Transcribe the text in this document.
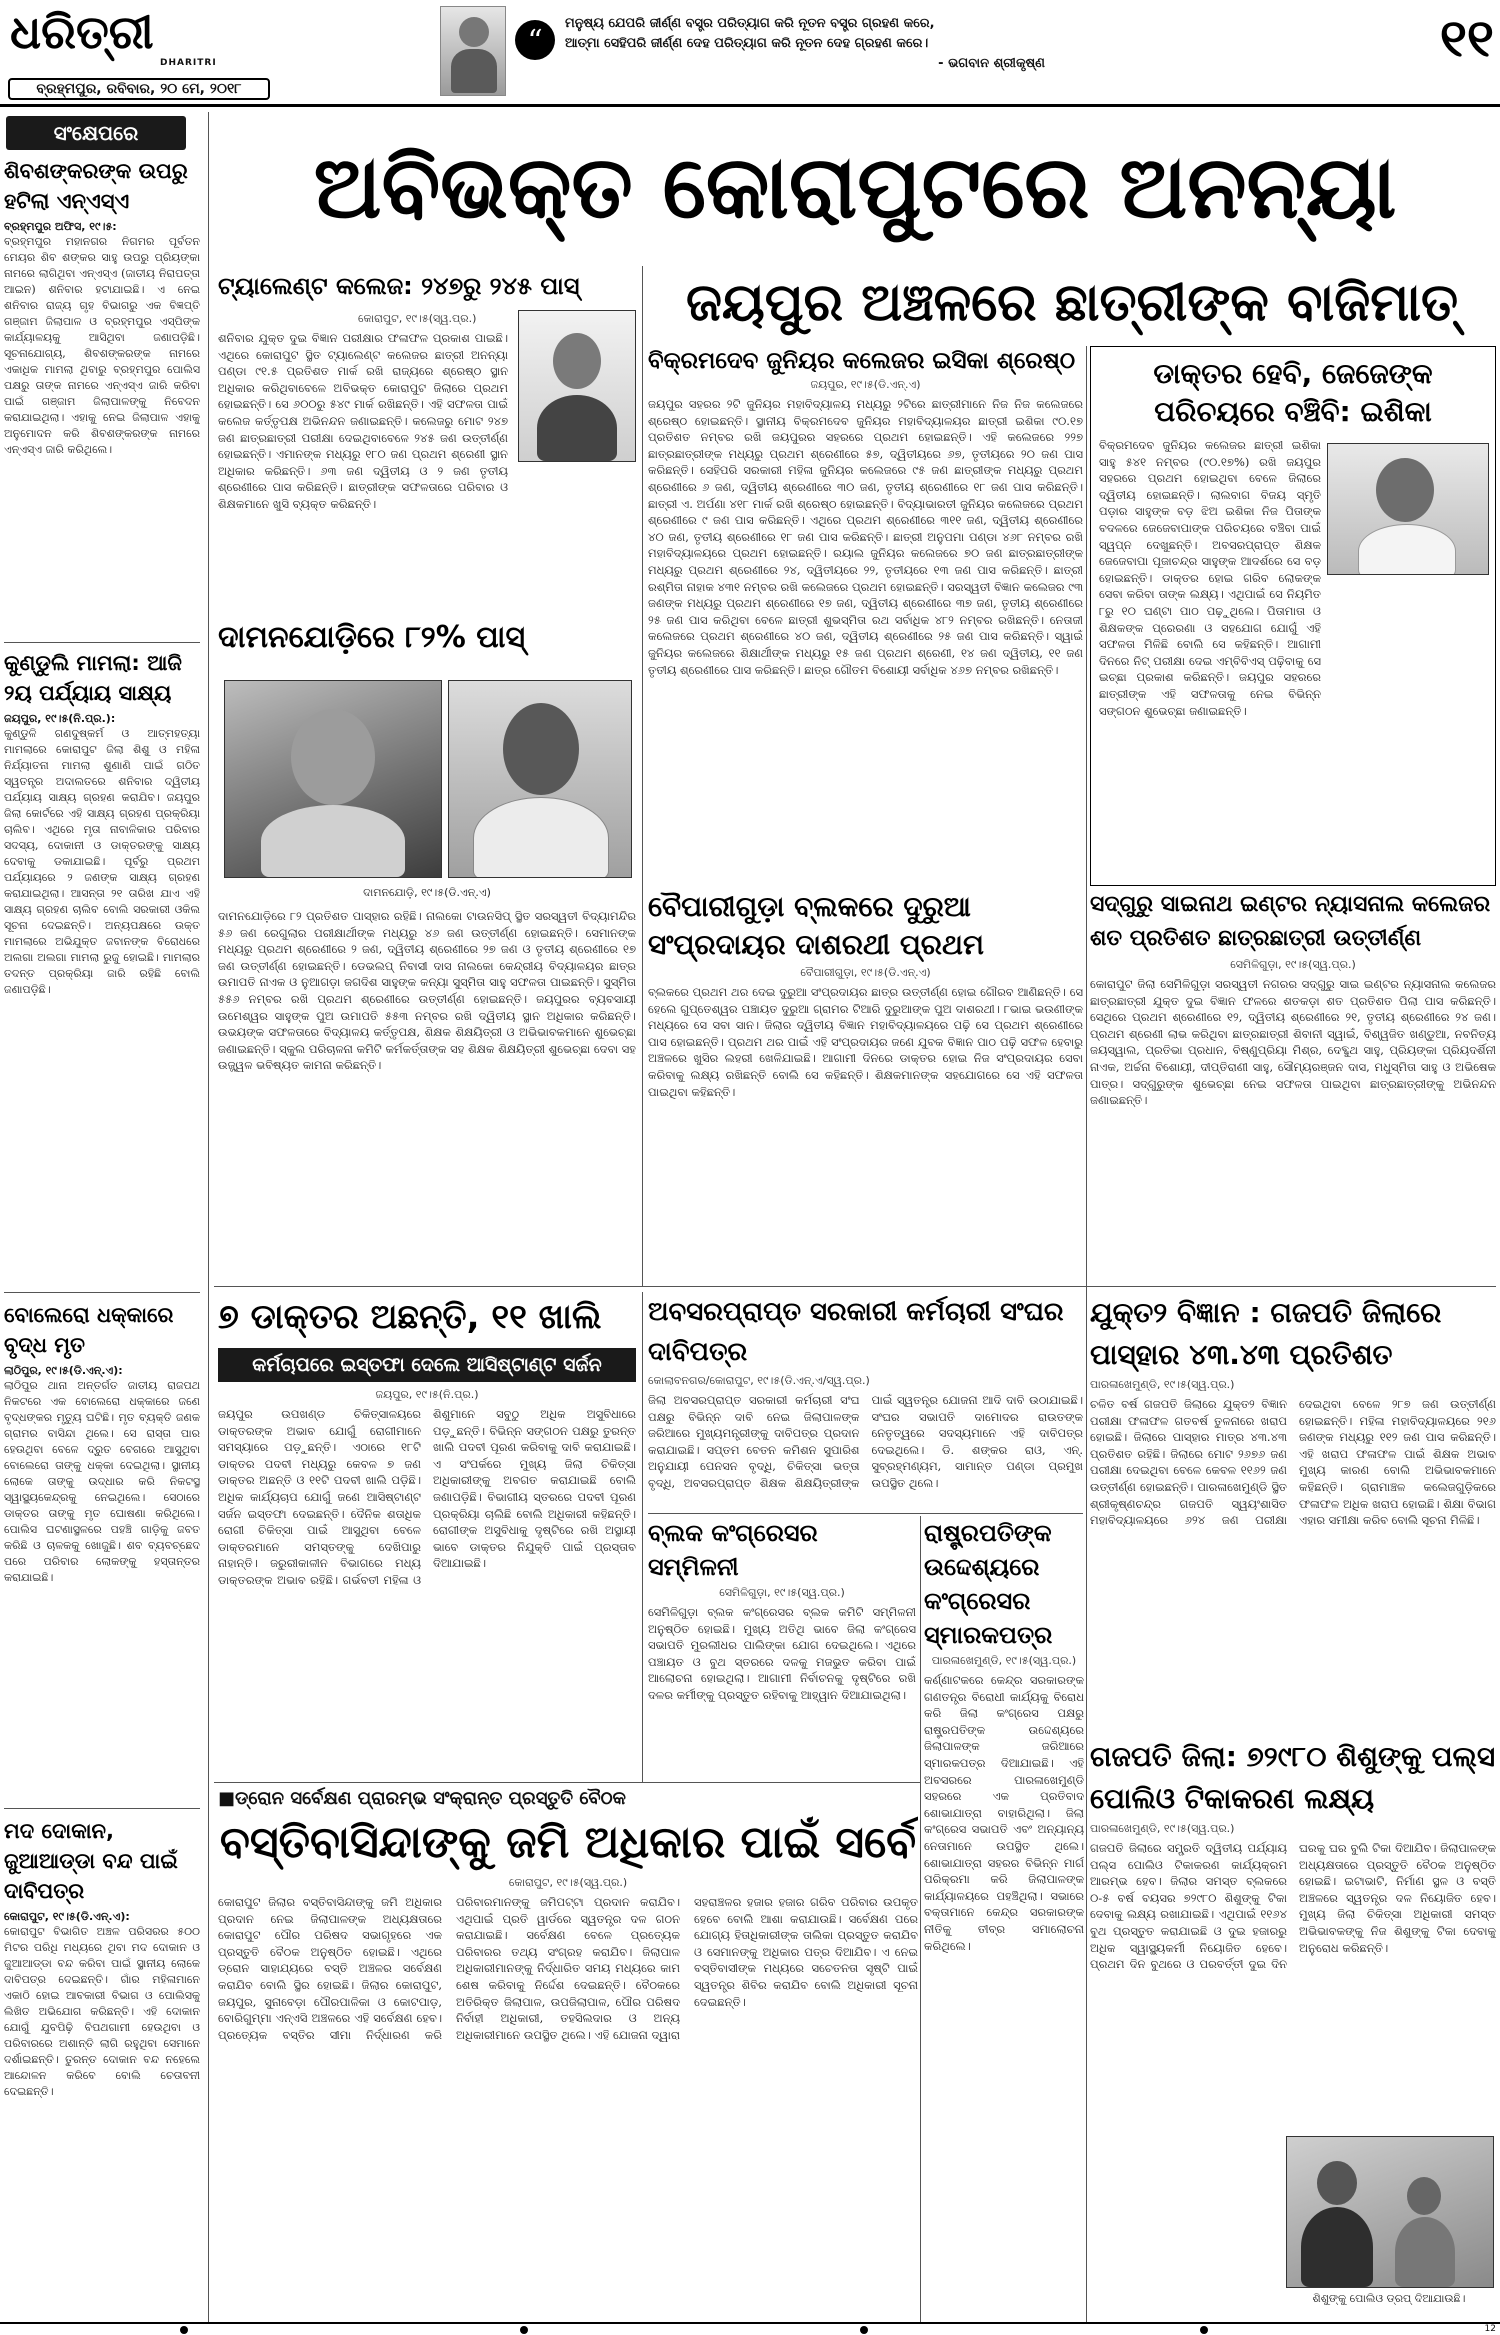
ଧରିତ୍ରୀ
DHARITRI
ବ୍ରହ୍ମପୁର, ରବିବାର, ୨୦ ମେ, ୨୦୧୮
“
ମନୁଷ୍ୟ ଯେପରି ଜୀର୍ଣ୍ଣ ବସ୍ତ୍ର ପରିତ୍ୟାଗ କରି ନୂତନ ବସ୍ତ୍ର ଗ୍ରହଣ କରେ,
ଆତ୍ମା ସେହିପରି ଜୀର୍ଣ୍ଣ ଦେହ ପରିତ୍ୟାଗ କରି ନୂତନ ଦେହ ଗ୍ରହଣ କରେ।
- ଭଗବାନ ଶ୍ରୀକୃଷ୍ଣ	୧୧
ଅବିଭକ୍ତ କୋରାପୁଟରେ ଅନନ୍ୟା
ସଂକ୍ଷେପରେ
ଶିବଶଙ୍କରଙ୍କ ଉପରୁ ହଟିଲା ଏନ୍‌ଏସ୍‌ଏ
ବ୍ରହ୍ମପୁର ଅଫିସ, ୧୯।୫:
ବ୍ରହ୍ମପୁର ମହାନଗର ନିଗମର ପୂର୍ବତନ ମେୟର ଶିବ ଶଙ୍କର ସାହୁ ଉପରୁ ପ୍ରିୟଙ୍କା ନାମରେ ଲାଗିଥିବା ଏନ୍‌ଏସ୍‌ଏ (ଜାତୀୟ ନିରାପତ୍ତା ଆଇନ) ଶନିବାର ହଟାଯାଇଛି। ଏ ନେଇ ଶନିବାର ରାଜ୍ୟ ଗୃହ ବିଭାଗରୁ ଏକ ବିଜ୍ଞପ୍ତି ଗଞ୍ଜାମ ଜିଲାପାଳ ଓ ବ୍ରହ୍ମପୁର ଏସ୍‌ପିଙ୍କ କାର୍ଯ୍ୟାଳୟକୁ ଆସିଥିବା ଜଣାପଡ଼ିଛି। ସୂଚନାଯୋଗ୍ୟ, ଶିବଶଙ୍କରଙ୍କ ନାମରେ ଏକାଧିକ ମାମଲା ଥିବାରୁ ବ୍ରହ୍ମପୁର ପୋଲିସ ପକ୍ଷରୁ ତାଙ୍କ ନାମରେ ଏନ୍‌ଏସ୍‌ଏ ଜାରି କରିବା ପାଇଁ ଗଞ୍ଜାମ ଜିଲାପାଳଙ୍କୁ ନିବେଦନ କରାଯାଇଥିଲା। ଏହାକୁ ନେଇ ଜିଲାପାଳ ଏହାକୁ ଅନୁମୋଦନ କରି ଶିବଶଙ୍କରଙ୍କ ନାମରେ ଏନ୍‌ଏସ୍‌ଏ ଜାରି କରିଥିଲେ।
କୁଣ୍ଡୁଲି ମାମଲା: ଆଜି ୨ୟ ପର୍ଯ୍ୟାୟ ସାକ୍ଷ୍ୟ
ଜୟପୁର, ୧୯।୫(ନି.ପ୍ର.):
କୁଣ୍ଡୁଳି ଗଣଦୁଷ୍କର୍ମ ଓ ଆତ୍ମହତ୍ୟା ମାମଲାରେ କୋରାପୁଟ ଜିଲା ଶିଶୁ ଓ ମହିଳା ନିର୍ଯ୍ୟାତନା ମାମଲା ଶୁଣାଣି ପାଇଁ ଗଠିତ ସ୍ୱତନ୍ତ୍ର ଅଦାଲତରେ ଶନିବାର ଦ୍ୱିତୀୟ ପର୍ଯ୍ୟାୟ ସାକ୍ଷ୍ୟ ଗ୍ରହଣ କରାଯିବ। ଜୟପୁର ଜିଲା କୋର୍ଟରେ ଏହି ସାକ୍ଷ୍ୟ ଗ୍ରହଣ ପ୍ରକ୍ରିୟା ଚାଲିବ। ଏଥିରେ ମୃତା ନାବାଳିକାର ପରିବାର ସଦସ୍ୟ, ଦୋକାନୀ ଓ ଡାକ୍ତରଙ୍କୁ ସାକ୍ଷ୍ୟ ଦେବାକୁ ଡକାଯାଇଛି। ପୂର୍ବରୁ ପ୍ରଥମ ପର୍ଯ୍ୟାୟରେ ୨ ଜଣଙ୍କ ସାକ୍ଷ୍ୟ ଗ୍ରହଣ କରାଯାଇଥିଲା। ଆସନ୍ତା ୨୧ ତାରିଖ ଯାଏ ଏହି ସାକ୍ଷ୍ୟ ଗ୍ରହଣ ଚାଲିବ ବୋଲି ସରକାରୀ ଓକିଲ ସୂଚନା ଦେଇଛନ୍ତି। ଅନ୍ୟପକ୍ଷରେ ଉକ୍ତ ମାମଲାରେ ଅଭିଯୁକ୍ତ ଜବାନଙ୍କ ବିରୋଧରେ ଅଲଗା ଅଲଗା ମାମଲା ରୁଜୁ ହୋଇଛି। ମାମଲାର ତଦନ୍ତ ପ୍ରକ୍ରିୟା ଜାରି ରହିଛି ବୋଲି ଜଣାପଡ଼ିଛି।
ବୋଲେରୋ ଧକ୍କାରେ ବୃଦ୍ଧ ମୃତ
ଲାଠିପୁର, ୧୯।୫(ଡି.ଏନ୍‌.ଏ):
ଲାଠିପୁର ଥାନା ଅନ୍ତର୍ଗତ ଜାତୀୟ ରାଜପଥ ନିକଟରେ ଏକ ବୋଲେରୋ ଧକ୍କାରେ ଜଣେ ବୃଦ୍ଧଙ୍କର ମୃତ୍ୟୁ ଘଟିଛି। ମୃତ ବ୍ୟକ୍ତି ଜଣକ ଗ୍ରାମର ବାସିନ୍ଦା ଥିଲେ। ସେ ରାସ୍ତା ପାର ହେଉଥିବା ବେଳେ ଦ୍ରୁତ ବେଗରେ ଆସୁଥିବା ବୋଲେରୋ ତାଙ୍କୁ ଧକ୍କା ଦେଇଥିଲା। ସ୍ଥାନୀୟ ଲୋକେ ତାଙ୍କୁ ଉଦ୍ଧାର କରି ନିକଟସ୍ଥ ସ୍ୱାସ୍ଥ୍ୟକେନ୍ଦ୍ରକୁ ନେଇଥିଲେ। ସେଠାରେ ଡାକ୍ତର ତାଙ୍କୁ ମୃତ ଘୋଷଣା କରିଥିଲେ। ପୋଲିସ ଘଟଣାସ୍ଥଳରେ ପହଞ୍ଚି ଗାଡ଼ିକୁ ଜବତ କରିଛି ଓ ଚାଳକକୁ ଖୋଜୁଛି। ଶବ ବ୍ୟବଚ୍ଛେଦ ପରେ ପରିବାର ଲୋକଙ୍କୁ ହସ୍ତାନ୍ତର କରାଯାଇଛି।
ମଦ ଦୋକାନ, ଜୁଆଆଡ୍ଡା ବନ୍ଦ ପାଇଁ ଦାବିପତ୍ର
କୋରାପୁଟ, ୧୯।୫(ଡି.ଏନ୍‌.ଏ):
କୋରାପୁଟ ବିଭାଗିତ ଅଞ୍ଚଳ ପରିସରର ୫୦୦ ମିଟର ପରିଧି ମଧ୍ୟରେ ଥିବା ମଦ ଦୋକାନ ଓ ଜୁଆଆଡ୍ଡା ବନ୍ଦ କରିବା ପାଇଁ ସ୍ଥାନୀୟ ଲୋକେ ଦାବିପତ୍ର ଦେଇଛନ୍ତି। ଗାଁର ମହିଳାମାନେ ଏକାଠି ହୋଇ ଆବକାରୀ ବିଭାଗ ଓ ପୋଲିସକୁ ଲିଖିତ ଅଭିଯୋଗ କରିଛନ୍ତି। ଏହି ଦୋକାନ ଯୋଗୁଁ ଯୁବପିଢ଼ି ବିପଥଗାମୀ ହେଉଥିବା ଓ ପରିବାରରେ ଅଶାନ୍ତି ଲାଗି ରହୁଥିବା ସେମାନେ ଦର୍ଶାଇଛନ୍ତି। ତୁରନ୍ତ ଦୋକାନ ବନ୍ଦ ନହେଲେ ଆନ୍ଦୋଳନ କରିବେ ବୋଲି ଚେତାବନୀ ଦେଇଛନ୍ତି।
ଟ୍ୟାଲେଣ୍ଟ କଲେଜ: ୨୪୭ରୁ ୨୪୫ ପାସ୍
କୋରାପୁଟ, ୧୯।୫(ସ୍ୱ.ପ୍ର.)
ଶନିବାର ଯୁକ୍ତ ଦୁଇ ବିଜ୍ଞାନ ପରୀକ୍ଷାର ଫଳାଫଳ ପ୍ରକାଶ ପାଇଛି। ଏଥିରେ କୋରାପୁଟ ସ୍ଥିତ ଟ୍ୟାଲେଣ୍ଟ କଲେଜର ଛାତ୍ରୀ ଅନନ୍ୟା ପଣ୍ଡା ୯୧.୫ ପ୍ରତିଶତ ମାର୍କ ରଖି ରାଜ୍ୟରେ ଶ୍ରେଷ୍ଠ ସ୍ଥାନ ଅଧିକାର କରିଥିବାବେଳେ ଅବିଭକ୍ତ କୋରାପୁଟ ଜିଲାରେ ପ୍ରଥମ ହୋଇଛନ୍ତି। ସେ ୬୦୦ରୁ ୫୪୯ ମାର୍କ ରଖିଛନ୍ତି। ଏହି ସଫଳତା ପାଇଁ କଲେଜ କର୍ତ୍ତୃପକ୍ଷ ଅଭିନନ୍ଦନ ଜଣାଇଛନ୍ତି। କଲେଜରୁ ମୋଟ ୨୪୭ ଜଣ ଛାତ୍ରଛାତ୍ରୀ ପରୀକ୍ଷା ଦେଇଥିବାବେଳେ ୨୪୫ ଜଣ ଉତ୍ତୀର୍ଣ୍ଣ ହୋଇଛନ୍ତି। ଏମାନଙ୍କ ମଧ୍ୟରୁ ୧୮୦ ଜଣ ପ୍ରଥମ ଶ୍ରେଣୀ ସ୍ଥାନ ଅଧିକାର କରିଛନ୍ତି। ୬୩ ଜଣ ଦ୍ୱିତୀୟ ଓ ୨ ଜଣ ତୃତୀୟ ଶ୍ରେଣୀରେ ପାସ କରିଛନ୍ତି। ଛାତ୍ରୀଙ୍କ ସଫଳତାରେ ପରିବାର ଓ ଶିକ୍ଷକମାନେ ଖୁସି ବ୍ୟକ୍ତ କରିଛନ୍ତି।
ଜୟପୁର ଅଞ୍ଚଳରେ ଛାତ୍ରୀଙ୍କ ବାଜିମାତ୍
ବିକ୍ରମଦେବ ଜୁନିୟର କଲେଜର ଇସିକା ଶ୍ରେଷ୍ଠ
ଜୟପୁର, ୧୯।୫(ଡି.ଏନ୍‌.ଏ)
ଜୟପୁର ସହରର ୨ଟି ଜୁନିୟର ମହାବିଦ୍ୟାଳୟ ମଧ୍ୟରୁ ୨ଟିରେ ଛାତ୍ରୀମାନେ ନିଜ ନିଜ କଲେଜରେ ଶ୍ରେଷ୍ଠ ହୋଇଛନ୍ତି। ସ୍ଥାନୀୟ ବିକ୍ରମଦେବ ଜୁନିୟର ମହାବିଦ୍ୟାଳୟର ଛାତ୍ରୀ ଇଶିକା ୯୦.୧୭ ପ୍ରତିଶତ ନମ୍ବର ରଖି ଜୟପୁରର ସହରରେ ପ୍ରଥମ ହୋଇଛନ୍ତି। ଏହି କଲେଜରେ ୨୨୭ ଛାତ୍ରଛାତ୍ରୀଙ୍କ ମଧ୍ୟରୁ ପ୍ରଥମ ଶ୍ରେଣୀରେ ୫୭, ଦ୍ୱିତୀୟରେ ୬୭, ତୃତୀୟରେ ୨୦ ଜଣ ପାସ କରିଛନ୍ତି। ସେହିପରି ସରକାରୀ ମହିଳା ଜୁନିୟର କଲେଜରେ ୯୫ ଜଣ ଛାତ୍ରୀଙ୍କ ମଧ୍ୟରୁ ପ୍ରଥମ ଶ୍ରେଣୀରେ ୬ ଜଣ, ଦ୍ୱିତୀୟ ଶ୍ରେଣୀରେ ୩୦ ଜଣ, ତୃତୀୟ ଶ୍ରେଣୀରେ ୧୮ ଜଣ ପାସ କରିଛନ୍ତି। ଛାତ୍ରୀ ଏ. ଅର୍ପଣା ୪୧୮ ମାର୍କ ରଖି ଶ୍ରେଷ୍ଠ ହୋଇଛନ୍ତି। ବିଦ୍ୟାଭାରତୀ ଜୁନିୟର କଲେଜରେ ପ୍ରଥମ ଶ୍ରେଣୀରେ ୯ ଜଣ ପାସ କରିଛନ୍ତି। ଏଥିରେ ପ୍ରଥମ ଶ୍ରେଣୀରେ ୩୧୧ ଜଣ, ଦ୍ୱିତୀୟ ଶ୍ରେଣୀରେ ୪୦ ଜଣ, ତୃତୀୟ ଶ୍ରେଣୀରେ ୧୮ ଜଣ ପାସ କରିଛନ୍ତି। ଛାତ୍ରୀ ଅନୁପମା ପଣ୍ଡା ୪୬୮ ନମ୍ବର ରଖି ମହାବିଦ୍ୟାଳୟରେ ପ୍ରଥମ ହୋଇଛନ୍ତି। ରୟାଲ ଜୁନିୟର କଲେଜରେ ୭୦ ଜଣ ଛାତ୍ରଛାତ୍ରୀଙ୍କ ମଧ୍ୟରୁ ପ୍ରଥମ ଶ୍ରେଣୀରେ ୨୪, ଦ୍ୱିତୀୟରେ ୨୨, ତୃତୀୟରେ ୧୩ ଜଣ ପାସ କରିଛନ୍ତି। ଛାତ୍ରୀ ରଶ୍ମିତା ନାହାକ ୪୩୧ ନମ୍ବର ରଖି କଲେଜରେ ପ୍ରଥମ ହୋଇଛନ୍ତି। ସରସ୍ୱତୀ ବିଜ୍ଞାନ କଲେଜର ୯୩ ଜଣଙ୍କ ମଧ୍ୟରୁ ପ୍ରଥମ ଶ୍ରେଣୀରେ ୧୭ ଜଣ, ଦ୍ୱିତୀୟ ଶ୍ରେଣୀରେ ୩୭ ଜଣ, ତୃତୀୟ ଶ୍ରେଣୀରେ ୨୫ ଜଣ ପାସ କରିଥିବା ବେଳେ ଛାତ୍ରୀ ଶୁଭସ୍ମିତା ରଥ ସର୍ବାଧିକ ୪୮୨ ନମ୍ବର ରଖିଛନ୍ତି। ନେତାଜୀ କଲେଜରେ ପ୍ରଥମ ଶ୍ରେଣୀରେ ୪୦ ଜଣ, ଦ୍ୱିତୀୟ ଶ୍ରେଣୀରେ ୨୫ ଜଣ ପାସ କରିଛନ୍ତି। ସ୍ୱାଇଁ ଜୁନିୟର କଲେଜରେ ଶିକ୍ଷାର୍ଥୀଙ୍କ ମଧ୍ୟରୁ ୧୫ ଜଣ ପ୍ରଥମ ଶ୍ରେଣୀ, ୧୪ ଜଣ ଦ୍ୱିତୀୟ, ୧୧ ଜଣ ତୃତୀୟ ଶ୍ରେଣୀରେ ପାସ କରିଛନ୍ତି। ଛାତ୍ର ଗୌତମ ବିଶୋୟୀ ସର୍ବାଧିକ ୪୬୭ ନମ୍ବର ରଖିଛନ୍ତି।
ଡାକ୍ତର ହେବି, ଜେଜେଙ୍କ ପରିଚୟରେ ବଞ୍ଚିବି: ଇଶିକା
ବିକ୍ରମଦେବ ଜୁନିୟର କଲେଜର ଛାତ୍ରୀ ଇଶିକା ସାହୁ ୫୪୧ ନମ୍ବର (୯୦.୧୭%) ରଖି ଜୟପୁର ସହରରେ ପ୍ରଥମ ହୋଇଥିବା ବେଳେ ଜିଲାରେ ଦ୍ୱିତୀୟ ହୋଇଛନ୍ତି। ଲାଲବାଗ ବିଜୟ ସ୍ମୃତି ପଡ଼ାର ସାହୁଙ୍କ ବଡ଼ ଝିଅ ଇଶିକା ନିଜ ପିତାଙ୍କ ବଦଳରେ ଜେଜେବାପାଙ୍କ ପରିଚୟରେ ବଞ୍ଚିବା ପାଇଁ ସ୍ୱପ୍ନ ଦେଖୁଛନ୍ତି। ଅବସରପ୍ରାପ୍ତ ଶିକ୍ଷକ ଜେଜେବାପା ପୂଜାଚନ୍ଦ୍ର ସାହୁଙ୍କ ଆଦର୍ଶରେ ସେ ବଡ଼ ହୋଇଛନ୍ତି। ଡାକ୍ତର ହୋଇ ଗରିବ ଲୋକଙ୍କ ସେବା କରିବା ତାଙ୍କ ଲକ୍ଷ୍ୟ। ଏଥିପାଇଁ ସେ ନିୟମିତ ୮ରୁ ୧୦ ଘଣ୍ଟା ପାଠ ପଢ଼ୁଥିଲେ। ପିତାମାତା ଓ ଶିକ୍ଷକଙ୍କ ପ୍ରେରଣା ଓ ସହଯୋଗ ଯୋଗୁଁ ଏହି ସଫଳତା ମିଳିଛି ବୋଲି ସେ କହିଛନ୍ତି। ଆଗାମୀ ଦିନରେ ନିଟ୍ ପରୀକ୍ଷା ଦେଇ ଏମ୍‌ବିବିଏସ୍ ପଢ଼ିବାକୁ ସେ ଇଚ୍ଛା ପ୍ରକାଶ କରିଛନ୍ତି। ଜୟପୁର ସହରରେ ଛାତ୍ରୀଙ୍କ ଏହି ସଫଳତାକୁ ନେଇ ବିଭିନ୍ନ ସଙ୍ଗଠନ ଶୁଭେଚ୍ଛା ଜଣାଇଛନ୍ତି।
ଦାମନଯୋଡ଼ିରେ ୮୨% ପାସ୍
ଦାମନଯୋଡ଼ି, ୧୯।୫(ଡି.ଏନ୍‌.ଏ)
ଦାମନଯୋଡ଼ିରେ ୮୨ ପ୍ରତିଶତ ପାସ୍ହାର ରହିଛି। ନାଲକୋ ଟାଉନସିପ୍ ସ୍ଥିତ ସରସ୍ୱତୀ ବିଦ୍ୟାମନ୍ଦିର ୫୬ ଜଣ ରେଗୁଲାର ପରୀକ୍ଷାର୍ଥୀଙ୍କ ମଧ୍ୟରୁ ୪୬ ଜଣ ଉତ୍ତୀର୍ଣ୍ଣ ହୋଇଛନ୍ତି। ସେମାନଙ୍କ ମଧ୍ୟରୁ ପ୍ରଥମ ଶ୍ରେଣୀରେ ୨ ଜଣ, ଦ୍ୱିତୀୟ ଶ୍ରେଣୀରେ ୨୭ ଜଣ ଓ ତୃତୀୟ ଶ୍ରେଣୀରେ ୧୭ ଜଣ ଉତ୍ତୀର୍ଣ୍ଣ ହୋଇଛନ୍ତି। ଡେଭଲପ୍ ନିବାସୀ ଦାସ ନାଲକୋ କେନ୍ଦ୍ରୀୟ ବିଦ୍ୟାଳୟର ଛାତ୍ର ଉମାପତି ନାଏକ ଓ ନୁଆଗଡ଼ା ଜଗଦିଶ ସାହୁଙ୍କ କନ୍ୟା ସୁସ୍ମିତା ସାହୁ ସଫଳତା ପାଇଛନ୍ତି। ସୁସ୍ମିତା ୫୫୬ ନମ୍ବର ରଖି ପ୍ରଥମ ଶ୍ରେଣୀରେ ଉତ୍ତୀର୍ଣ୍ଣ ହୋଇଛନ୍ତି। ଜୟପୁରର ବ୍ୟବସାୟୀ ଉମେଶ୍ୱର ସାହୁଙ୍କ ପୁଅ ଉମାପତି ୫୫୩ ନମ୍ବର ରଖି ଦ୍ୱିତୀୟ ସ୍ଥାନ ଅଧିକାର କରିଛନ୍ତି। ଉଭୟଙ୍କ ସଫଳତାରେ ବିଦ୍ୟାଳୟ କର୍ତ୍ତୃପକ୍ଷ, ଶିକ୍ଷକ ଶିକ୍ଷୟିତ୍ରୀ ଓ ଅଭିଭାବକମାନେ ଶୁଭେଚ୍ଛା ଜଣାଇଛନ୍ତି। ସ୍କୁଲ ପରିଚାଳନା କମିଟି କର୍ମକର୍ତ୍ତାଙ୍କ ସହ ଶିକ୍ଷକ ଶିକ୍ଷୟିତ୍ରୀ ଶୁଭେଚ୍ଛା ଦେବା ସହ ଉଜ୍ଜ୍ୱଳ ଭବିଷ୍ୟତ କାମନା କରିଛନ୍ତି।
ବୈପାରୀଗୁଡ଼ା ବ୍ଲକରେ ଦୁରୁଆ ସଂପ୍ରଦାୟର ଦାଶରଥୀ ପ୍ରଥମ
ବୈପାରୀଗୁଡ଼ା, ୧୯।୫(ଡି.ଏନ୍‌.ଏ)
ବ୍ଲକରେ ପ୍ରଥମ ଥର ଦେଇ ଦୁରୁଆ ସଂପ୍ରଦାୟର ଛାତ୍ର ଉତ୍ତୀର୍ଣ୍ଣ ହୋଇ ଗୌରବ ଆଣିଛନ୍ତି। ସେ ହେଲେ ଗୁପ୍ତେଶ୍ୱର ପଞ୍ଚାୟତ ଦୁରୁଆ ଗ୍ରାମର ଟିଆରି ଦୁରୁଆଙ୍କ ପୁଅ ଦାଶରଥୀ। ୮ଭାଇ ଭଉଣୀଙ୍କ ମଧ୍ୟରେ ସେ ସବା ସାନ। ଜିଲାର ଦ୍ୱିତୀୟ ବିଜ୍ଞାନ ମହାବିଦ୍ୟାଳୟରେ ପଢ଼ି ସେ ପ୍ରଥମ ଶ୍ରେଣୀରେ ପାସ ହୋଇଛନ୍ତି। ପ୍ରଥମ ଥର ପାଇଁ ଏହି ସଂପ୍ରଦାୟର ଜଣେ ଯୁବକ ବିଜ୍ଞାନ ପାଠ ପଢ଼ି ସଫଳ ହେବାରୁ ଅଞ୍ଚଳରେ ଖୁସିର ଲହରୀ ଖେଳିଯାଇଛି। ଆଗାମୀ ଦିନରେ ଡାକ୍ତର ହୋଇ ନିଜ ସଂପ୍ରଦାୟର ସେବା କରିବାକୁ ଲକ୍ଷ୍ୟ ରଖିଛନ୍ତି ବୋଲି ସେ କହିଛନ୍ତି। ଶିକ୍ଷକମାନଙ୍କ ସହଯୋଗରେ ସେ ଏହି ସଫଳତା ପାଇଥିବା କହିଛନ୍ତି।
ସଦ୍‌ଗୁରୁ ସାଇନାଥ ଇଣ୍ଟର ନ୍ୟାସନାଲ କଲେଜର ଶତ ପ୍ରତିଶତ ଛାତ୍ରଛାତ୍ରୀ ଉତ୍ତୀର୍ଣ୍ଣ
ସେମିଳିଗୁଡ଼ା, ୧୯।୫(ସ୍ୱ.ପ୍ର.)
କୋରାପୁଟ ଜିଲା ସେମିଳିଗୁଡ଼ା ସରସ୍ୱତୀ ନଗରର ସଦ୍‌ଗୁରୁ ସାଇ ଇଣ୍ଟର ନ୍ୟାସନାଲ କଲେଜର ଛାତ୍ରଛାତ୍ରୀ ଯୁକ୍ତ ଦୁଇ ବିଜ୍ଞାନ ଫଳରେ ଶତକଡ଼ା ଶତ ପ୍ରତିଶତ ପିଲା ପାସ କରିଛନ୍ତି। ସେଥିରେ ପ୍ରଥମ ଶ୍ରେଣୀରେ ୧୨, ଦ୍ୱିତୀୟ ଶ୍ରେଣୀରେ ୨୧, ତୃତୀୟ ଶ୍ରେଣୀରେ ୨୪ ଜଣ। ପ୍ରଥମ ଶ୍ରେଣୀ ଲାଭ କରିଥିବା ଛାତ୍ରଛାତ୍ରୀ ଶିବାନୀ ସ୍ୱାଇଁ, ବିଶ୍ୱଜିତ ଖଣ୍ଡୁଆ, ନବନିତ୍ୟ ଜୟସ୍ୱାଲ, ପ୍ରତିଭା ପ୍ରଧାନ, ବିଷ୍ଣୁପ୍ରିୟା ମିଶ୍ର, ଦେବ୍ଦୁଥ ସାହୁ, ପ୍ରିୟଙ୍କା ପ୍ରିୟଦର୍ଶିନୀ ନାଏକ, ଅର୍ଚ୍ଚନା ବିଶୋୟୀ, ଦୀପ୍ତିରାଣୀ ସାହୁ, ସୌମ୍ୟରଞ୍ଜନ ଦାସ, ମଧୁସ୍ମିତା ସାହୁ ଓ ଅଭିଷେକ ପାତ୍ର। ସଦ୍‌ଗୁରୁଙ୍କ ଶୁଭେଚ୍ଛା ନେଇ ସଫଳତା ପାଇଥିବା ଛାତ୍ରଛାତ୍ରୀଙ୍କୁ ଅଭିନନ୍ଦନ ଜଣାଇଛନ୍ତି।
୭ ଡାକ୍ତର ଅଛନ୍ତି, ୧୧ ଖାଲି
କର୍ମଚାପରେ ଇସ୍ତଫା ଦେଲେ ଆସିଷ୍ଟାଣ୍ଟ ସର୍ଜନ
ଜୟପୁର, ୧୯।୫(ନି.ପ୍ର.)
ଜୟପୁର ଉପଖଣ୍ଡ ଚିକିତ୍ସାଳୟରେ ଡାକ୍ତରଙ୍କ ଅଭାବ ଯୋଗୁଁ ରୋଗୀମାନେ ସମସ୍ୟାରେ ପଡ଼ୁଛନ୍ତି। ଏଠାରେ ୧୮ଟି ଡାକ୍ତର ପଦବୀ ମଧ୍ୟରୁ କେବଳ ୭ ଜଣ ଡାକ୍ତର ଅଛନ୍ତି ଓ ୧୧ଟି ପଦବୀ ଖାଲି ପଡ଼ିଛି। ଅଧିକ କାର୍ଯ୍ୟଚାପ ଯୋଗୁଁ ଜଣେ ଆସିଷ୍ଟାଣ୍ଟ ସର୍ଜନ ଇସ୍ତଫା ଦେଇଛନ୍ତି। ଦୈନିକ ଶତାଧିକ ରୋଗୀ ଚିକିତ୍ସା ପାଇଁ ଆସୁଥିବା ବେଳେ ଡାକ୍ତରମାନେ ସମସ୍ତଙ୍କୁ ଦେଖିପାରୁ ନାହାନ୍ତି। ଜରୁରୀକାଳୀନ ବିଭାଗରେ ମଧ୍ୟ ଡାକ୍ତରଙ୍କ ଅଭାବ ରହିଛି। ଗର୍ଭବତୀ ମହିଳା ଓ ଶିଶୁମାନେ ସବୁଠୁ ଅଧିକ ଅସୁବିଧାରେ ପଡ଼ୁଛନ୍ତି। ବିଭିନ୍ନ ସଙ୍ଗଠନ ପକ୍ଷରୁ ତୁରନ୍ତ ଖାଲି ପଦବୀ ପୂରଣ କରିବାକୁ ଦାବି କରାଯାଇଛି। ଏ ସଂପର୍କରେ ମୁଖ୍ୟ ଜିଲା ଚିକିତ୍ସା ଅଧିକାରୀଙ୍କୁ ଅବଗତ କରାଯାଇଛି ବୋଲି ଜଣାପଡ଼ିଛି। ବିଭାଗୀୟ ସ୍ତରରେ ପଦବୀ ପୂରଣ ପ୍ରକ୍ରିୟା ଚାଲିଛି ବୋଲି ଅଧିକାରୀ କହିଛନ୍ତି। ରୋଗୀଙ୍କ ଅସୁବିଧାକୁ ଦୃଷ୍ଟିରେ ରଖି ଅସ୍ଥାୟୀ ଭାବେ ଡାକ୍ତର ନିଯୁକ୍ତି ପାଇଁ ପ୍ରସ୍ତାବ ଦିଆଯାଇଛି।
ଅବସରପ୍ରାପ୍ତ ସରକାରୀ କର୍ମଚାରୀ ସଂଘର ଦାବିପତ୍ର
କୋଲାବନଗର/କୋରାପୁଟ, ୧୯।୫(ଡି.ଏନ୍‌.ଏ/ସ୍ୱ.ପ୍ର.)
ଜିଲା ଅବସରପ୍ରାପ୍ତ ସରକାରୀ କର୍ମଚାରୀ ସଂଘ ପକ୍ଷରୁ ବିଭିନ୍ନ ଦାବି ନେଇ ଜିଲାପାଳଙ୍କ ଜରିଆରେ ମୁଖ୍ୟମନ୍ତ୍ରୀଙ୍କୁ ଦାବିପତ୍ର ପ୍ରଦାନ କରାଯାଇଛି। ସପ୍ତମ ବେତନ କମିଶନ ସୁପାରିଶ ଅନୁଯାୟୀ ପେନସନ ବୃଦ୍ଧି, ଚିକିତ୍ସା ଭତ୍ତା ବୃଦ୍ଧି, ଅବସରପ୍ରାପ୍ତ ଶିକ୍ଷକ ଶିକ୍ଷୟିତ୍ରୀଙ୍କ ପାଇଁ ସ୍ୱତନ୍ତ୍ର ଯୋଜନା ଆଦି ଦାବି ଉଠାଯାଇଛି। ସଂଘର ସଭାପତି ଦାମୋଦର ରାଉତଙ୍କ ନେତୃତ୍ୱରେ ସଦସ୍ୟମାନେ ଏହି ଦାବିପତ୍ର ଦେଇଥିଲେ। ଡି. ଶଙ୍କର ରାଓ, ଏନ୍‌. ସୁବ୍ରହ୍ମଣ୍ୟମ, ସାମାନ୍ତ ପଣ୍ଡା ପ୍ରମୁଖ ଉପସ୍ଥିତ ଥିଲେ।
ବ୍ଲକ କଂଗ୍ରେସର ସମ୍ମିଳନୀ
ସେମିଳିଗୁଡ଼ା, ୧୯।୫(ସ୍ୱ.ପ୍ର.)
ସେମିଳିଗୁଡ଼ା ବ୍ଲକ କଂଗ୍ରେସର ବ୍ଲକ କମିଟି ସମ୍ମିଳନୀ ଅନୁଷ୍ଠିତ ହୋଇଛି। ମୁଖ୍ୟ ଅତିଥି ଭାବେ ଜିଲା କଂଗ୍ରେସ ସଭାପତି ମୁରଲୀଧର ପାଲିଙ୍କା ଯୋଗ ଦେଇଥିଲେ। ଏଥିରେ ପଞ୍ଚାୟତ ଓ ବୁଥ ସ୍ତରରେ ଦଳକୁ ମଜଭୁତ କରିବା ପାଇଁ ଆଲୋଚନା ହୋଇଥିଲା। ଆଗାମୀ ନିର୍ବାଚନକୁ ଦୃଷ୍ଟିରେ ରଖି ଦଳର କର୍ମୀଙ୍କୁ ପ୍ରସ୍ତୁତ ରହିବାକୁ ଆହ୍ୱାନ ଦିଆଯାଇଥିଲା।
ରାଷ୍ଟ୍ରପତିଙ୍କ ଉଦ୍ଦେଶ୍ୟରେ କଂଗ୍ରେସର ସ୍ମାରକପତ୍ର
ପାରଳାଖେମୁଣ୍ଡି, ୧୯।୫(ସ୍ୱ.ପ୍ର.)
କର୍ଣ୍ଣାଟକରେ କେନ୍ଦ୍ର ସରକାରଙ୍କ ଗଣତନ୍ତ୍ର ବିରୋଧୀ କାର୍ଯ୍ୟକୁ ବିରୋଧ କରି ଜିଲା କଂଗ୍ରେସ ପକ୍ଷରୁ ରାଷ୍ଟ୍ରପତିଙ୍କ ଉଦ୍ଦେଶ୍ୟରେ ଜିଲାପାଳଙ୍କ ଜରିଆରେ ସ୍ମାରକପତ୍ର ଦିଆଯାଇଛି। ଏହି ଅବସରରେ ପାରଳାଖେମୁଣ୍ଡି ସହରରେ ଏକ ପ୍ରତିବାଦ ଶୋଭାଯାତ୍ରା ବାହାରିଥିଲା। ଜିଲା କଂଗ୍ରେସ ସଭାପତି ଏବଂ ଅନ୍ୟାନ୍ୟ ନେତାମାନେ ଉପସ୍ଥିତ ଥିଲେ। ଶୋଭାଯାତ୍ରା ସହରର ବିଭିନ୍ନ ମାର୍ଗ ପରିକ୍ରମା କରି ଜିଲାପାଳଙ୍କ କାର୍ଯ୍ୟାଳୟରେ ପହଞ୍ଚିଥିଲା। ସଭାରେ ବକ୍ତାମାନେ କେନ୍ଦ୍ର ସରକାରଙ୍କ ନୀତିକୁ ତୀବ୍ର ସମାଲୋଚନା କରିଥିଲେ।
ଯୁକ୍ତ୨ ବିଜ୍ଞାନ : ଗଜପତି ଜିଲାରେ ପାସ୍ହାର ୪୩.୪୩ ପ୍ରତିଶତ
ପାରଳାଖେମୁଣ୍ଡି, ୧୯।୫(ସ୍ୱ.ପ୍ର.)
ଚଳିତ ବର୍ଷ ଗଜପତି ଜିଲାରେ ଯୁକ୍ତ୨ ବିଜ୍ଞାନ ପରୀକ୍ଷା ଫଳାଫଳ ଗତବର୍ଷ ତୁଳନାରେ ଖରାପ ହୋଇଛି। ଜିଲାରେ ପାସ୍ହାର ମାତ୍ର ୪୩.୪୩ ପ୍ରତିଶତ ରହିଛି। ଜିଲାରେ ମୋଟ ୨୬୭୬ ଜଣ ପରୀକ୍ଷା ଦେଇଥିବା ବେଳେ କେବଳ ୧୧୬୨ ଜଣ ଉତ୍ତୀର୍ଣ୍ଣ ହୋଇଛନ୍ତି। ପାରଳାଖେମୁଣ୍ଡି ସ୍ଥିତ ଶ୍ରୀକୃଷ୍ଣଚନ୍ଦ୍ର ଗଜପତି ସ୍ୱୟଂଶାସିତ ମହାବିଦ୍ୟାଳୟରେ ୬୨୪ ଜଣ ପରୀକ୍ଷା ଦେଇଥିବା ବେଳେ ୨୮୭ ଜଣ ଉତ୍ତୀର୍ଣ୍ଣ ହୋଇଛନ୍ତି। ମହିଳା ମହାବିଦ୍ୟାଳୟରେ ୨୧୬ ଜଣଙ୍କ ମଧ୍ୟରୁ ୧୧୨ ଜଣ ପାସ କରିଛନ୍ତି। ଏହି ଖରାପ ଫଳାଫଳ ପାଇଁ ଶିକ୍ଷକ ଅଭାବ ମୁଖ୍ୟ କାରଣ ବୋଲି ଅଭିଭାବକମାନେ କହିଛନ୍ତି। ଗ୍ରାମାଞ୍ଚଳ କଲେଜଗୁଡ଼ିକରେ ଫଳାଫଳ ଅଧିକ ଖରାପ ହୋଇଛି। ଶିକ୍ଷା ବିଭାଗ ଏହାର ସମୀକ୍ଷା କରିବ ବୋଲି ସୂଚନା ମିଳିଛି।
ଗଜପତି ଜିଲା: ୭୨୯୮୦ ଶିଶୁଙ୍କୁ ପଲ୍ସ ପୋଲିଓ ଟିକାକରଣ ଲକ୍ଷ୍ୟ
ପାରଳାଖେମୁଣ୍ଡି, ୧୯।୫(ସ୍ୱ.ପ୍ର.)
ଗଜପତି ଜିଲାରେ ସମ୍ପ୍ରତି ଦ୍ୱିତୀୟ ପର୍ଯ୍ୟାୟ ପଲ୍ସ ପୋଲିଓ ଟିକାକରଣ କାର୍ଯ୍ୟକ୍ରମ ଆରମ୍ଭ ହେବ। ଜିଲାର ସମସ୍ତ ବ୍ଲକରେ ୦-୫ ବର୍ଷ ବୟସର ୭୨୯୮୦ ଶିଶୁଙ୍କୁ ଟିକା ଦେବାକୁ ଲକ୍ଷ୍ୟ ରଖାଯାଇଛି। ଏଥିପାଇଁ ୧୧୬୪ ବୁଥ ପ୍ରସ୍ତୁତ କରାଯାଇଛି ଓ ଦୁଇ ହଜାରରୁ ଅଧିକ ସ୍ୱାସ୍ଥ୍ୟକର୍ମୀ ନିୟୋଜିତ ହେବେ। ପ୍ରଥମ ଦିନ ବୁଥରେ ଓ ପରବର୍ତ୍ତୀ ଦୁଇ ଦିନ ଘରକୁ ଘର ବୁଲି ଟିକା ଦିଆଯିବ। ଜିଲାପାଳଙ୍କ ଅଧ୍ୟକ୍ଷତାରେ ପ୍ରସ୍ତୁତି ବୈଠକ ଅନୁଷ୍ଠିତ ହୋଇଛି। ଇଟାଭାଟି, ନିର୍ମାଣ ସ୍ଥଳ ଓ ବସ୍ତି ଅଞ୍ଚଳରେ ସ୍ୱତନ୍ତ୍ର ଦଳ ନିୟୋଜିତ ହେବ। ମୁଖ୍ୟ ଜିଲା ଚିକିତ୍ସା ଅଧିକାରୀ ସମସ୍ତ ଅଭିଭାବକଙ୍କୁ ନିଜ ଶିଶୁଙ୍କୁ ଟିକା ଦେବାକୁ ଅନୁରୋଧ କରିଛନ୍ତି।
ଶିଶୁଙ୍କୁ ପୋଲିଓ ଡ୍ରପ୍ ଦିଆଯାଉଛି।
■ଡ୍ରୋନ ସର୍ବେକ୍ଷଣ ପ୍ରାରମ୍ଭ ସଂକ୍ରାନ୍ତ ପ୍ରସ୍ତୁତି ବୈଠକ
ବସ୍ତିବାସିନ୍ଦାଙ୍କୁ ଜମି ଅଧିକାର ପାଇଁ ସର୍ବେ
କୋରାପୁଟ, ୧୯।୫(ସ୍ୱ.ପ୍ର.)
କୋରାପୁଟ ଜିଲାର ବସ୍ତିବାସିନ୍ଦାଙ୍କୁ ଜମି ଅଧିକାର ପ୍ରଦାନ ନେଇ ଜିଲାପାଳଙ୍କ ଅଧ୍ୟକ୍ଷତାରେ କୋରାପୁଟ ପୌର ପରିଷଦ ସଭାଗୃହରେ ଏକ ପ୍ରସ୍ତୁତି ବୈଠକ ଅନୁଷ୍ଠିତ ହୋଇଛି। ଏଥିରେ ଡ୍ରୋନ ସାହାଯ୍ୟରେ ବସ୍ତି ଅଞ୍ଚଳର ସର୍ବେକ୍ଷଣ କରାଯିବ ବୋଲି ସ୍ଥିର ହୋଇଛି। ଜିଲାର କୋରାପୁଟ, ଜୟପୁର, ସୁନାବେଡ଼ା ପୌରପାଳିକା ଓ କୋଟପାଡ଼, ବୋରିଗୁମ୍ମା ଏନ୍‌ଏସି ଅଞ୍ଚଳରେ ଏହି ସର୍ବେକ୍ଷଣ ହେବ। ପ୍ରତ୍ୟେକ ବସ୍ତିର ସୀମା ନିର୍ଦ୍ଧାରଣ କରି ପରିବାରମାନଙ୍କୁ ଜମିପଟ୍ଟା ପ୍ରଦାନ କରାଯିବ। ଏଥିପାଇଁ ପ୍ରତି ୱାର୍ଡରେ ସ୍ୱତନ୍ତ୍ର ଦଳ ଗଠନ କରାଯାଇଛି। ସର୍ବେକ୍ଷଣ ବେଳେ ପ୍ରତ୍ୟେକ ପରିବାରର ତଥ୍ୟ ସଂଗ୍ରହ କରାଯିବ। ଜିଲାପାଳ ଅଧିକାରୀମାନଙ୍କୁ ନିର୍ଦ୍ଧାରିତ ସମୟ ମଧ୍ୟରେ କାମ ଶେଷ କରିବାକୁ ନିର୍ଦ୍ଦେଶ ଦେଇଛନ୍ତି। ବୈଠକରେ ଅତିରିକ୍ତ ଜିଲାପାଳ, ଉପଜିଲାପାଳ, ପୌର ପରିଷଦ ନିର୍ବାହୀ ଅଧିକାରୀ, ତହସିଲଦାର ଓ ଅନ୍ୟ ଅଧିକାରୀମାନେ ଉପସ୍ଥିତ ଥିଲେ। ଏହି ଯୋଜନା ଦ୍ୱାରା ସହରାଞ୍ଚଳର ହଜାର ହଜାର ଗରିବ ପରିବାର ଉପକୃତ ହେବେ ବୋଲି ଆଶା କରାଯାଉଛି। ସର୍ବେକ୍ଷଣ ପରେ ଯୋଗ୍ୟ ହିତାଧିକାରୀଙ୍କ ତାଲିକା ପ୍ରସ୍ତୁତ କରାଯିବ ଓ ସେମାନଙ୍କୁ ଅଧିକାର ପତ୍ର ଦିଆଯିବ। ଏ ନେଇ ବସ୍ତିବାସୀଙ୍କ ମଧ୍ୟରେ ସଚେତନତା ସୃଷ୍ଟି ପାଇଁ ସ୍ୱତନ୍ତ୍ର ଶିବିର କରାଯିବ ବୋଲି ଅଧିକାରୀ ସୂଚନା ଦେଇଛନ୍ତି।
12
